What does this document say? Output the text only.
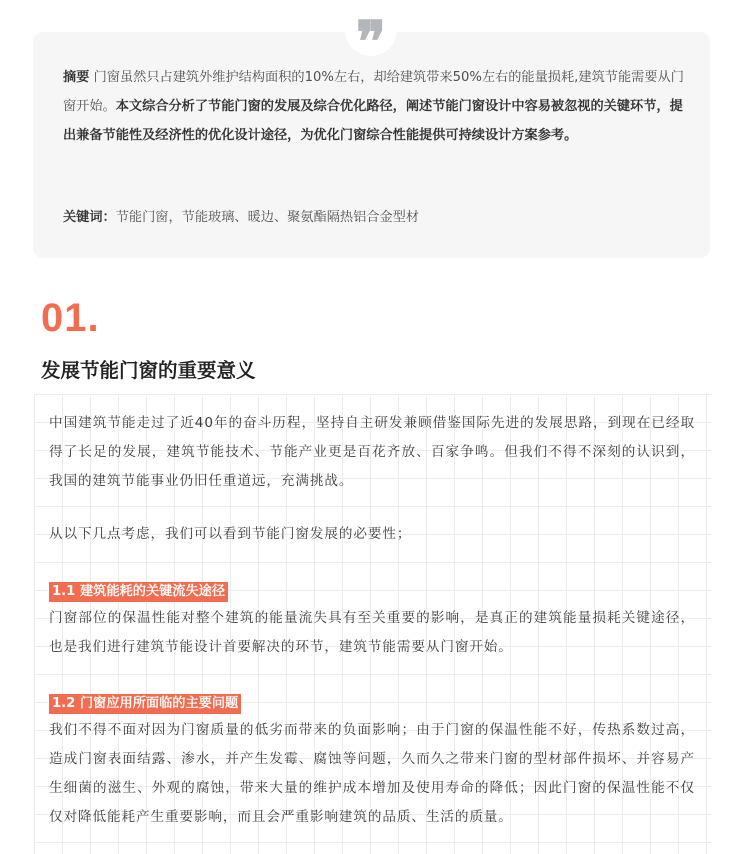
摘要 门窗虽然只占建筑外维护结构面积的10%左右，却给建筑带来50%左右的能量损耗,建筑节能需要从门窗开始。本文综合分析了节能门窗的发展及综合优化路径，阐述节能门窗设计中容易被忽视的关键环节，提出兼备节能性及经济性的优化设计途径，为优化门窗综合性能提供可持续设计方案参考。
关键词：节能门窗，节能玻璃、暖边、聚氨酯隔热铝合金型材
❞
01.
发展节能门窗的重要意义
中国建筑节能走过了近40年的奋斗历程，坚持自主研发兼顾借鉴国际先进的发展思路，到现在已经取得了长足的发展，建筑节能技术、节能产业更是百花齐放、百家争鸣。但我们不得不深刻的认识到，我国的建筑节能事业仍旧任重道远，充满挑战。
从以下几点考虑，我们可以看到节能门窗发展的必要性；
1.1 建筑能耗的关键流失途径
门窗部位的保温性能对整个建筑的能量流失具有至关重要的影响，是真正的建筑能量损耗关键途径，也是我们进行建筑节能设计首要解决的环节，建筑节能需要从门窗开始。
1.2 门窗应用所面临的主要问题
我们不得不面对因为门窗质量的低劣而带来的负面影响；由于门窗的保温性能不好，传热系数过高，造成门窗表面结露、渗水，并产生发霉、腐蚀等问题，久而久之带来门窗的型材部件损坏、并容易产生细菌的滋生、外观的腐蚀，带来大量的维护成本增加及使用寿命的降低；因此门窗的保温性能不仅仅对降低能耗产生重要影响，而且会严重影响建筑的品质、生活的质量。
